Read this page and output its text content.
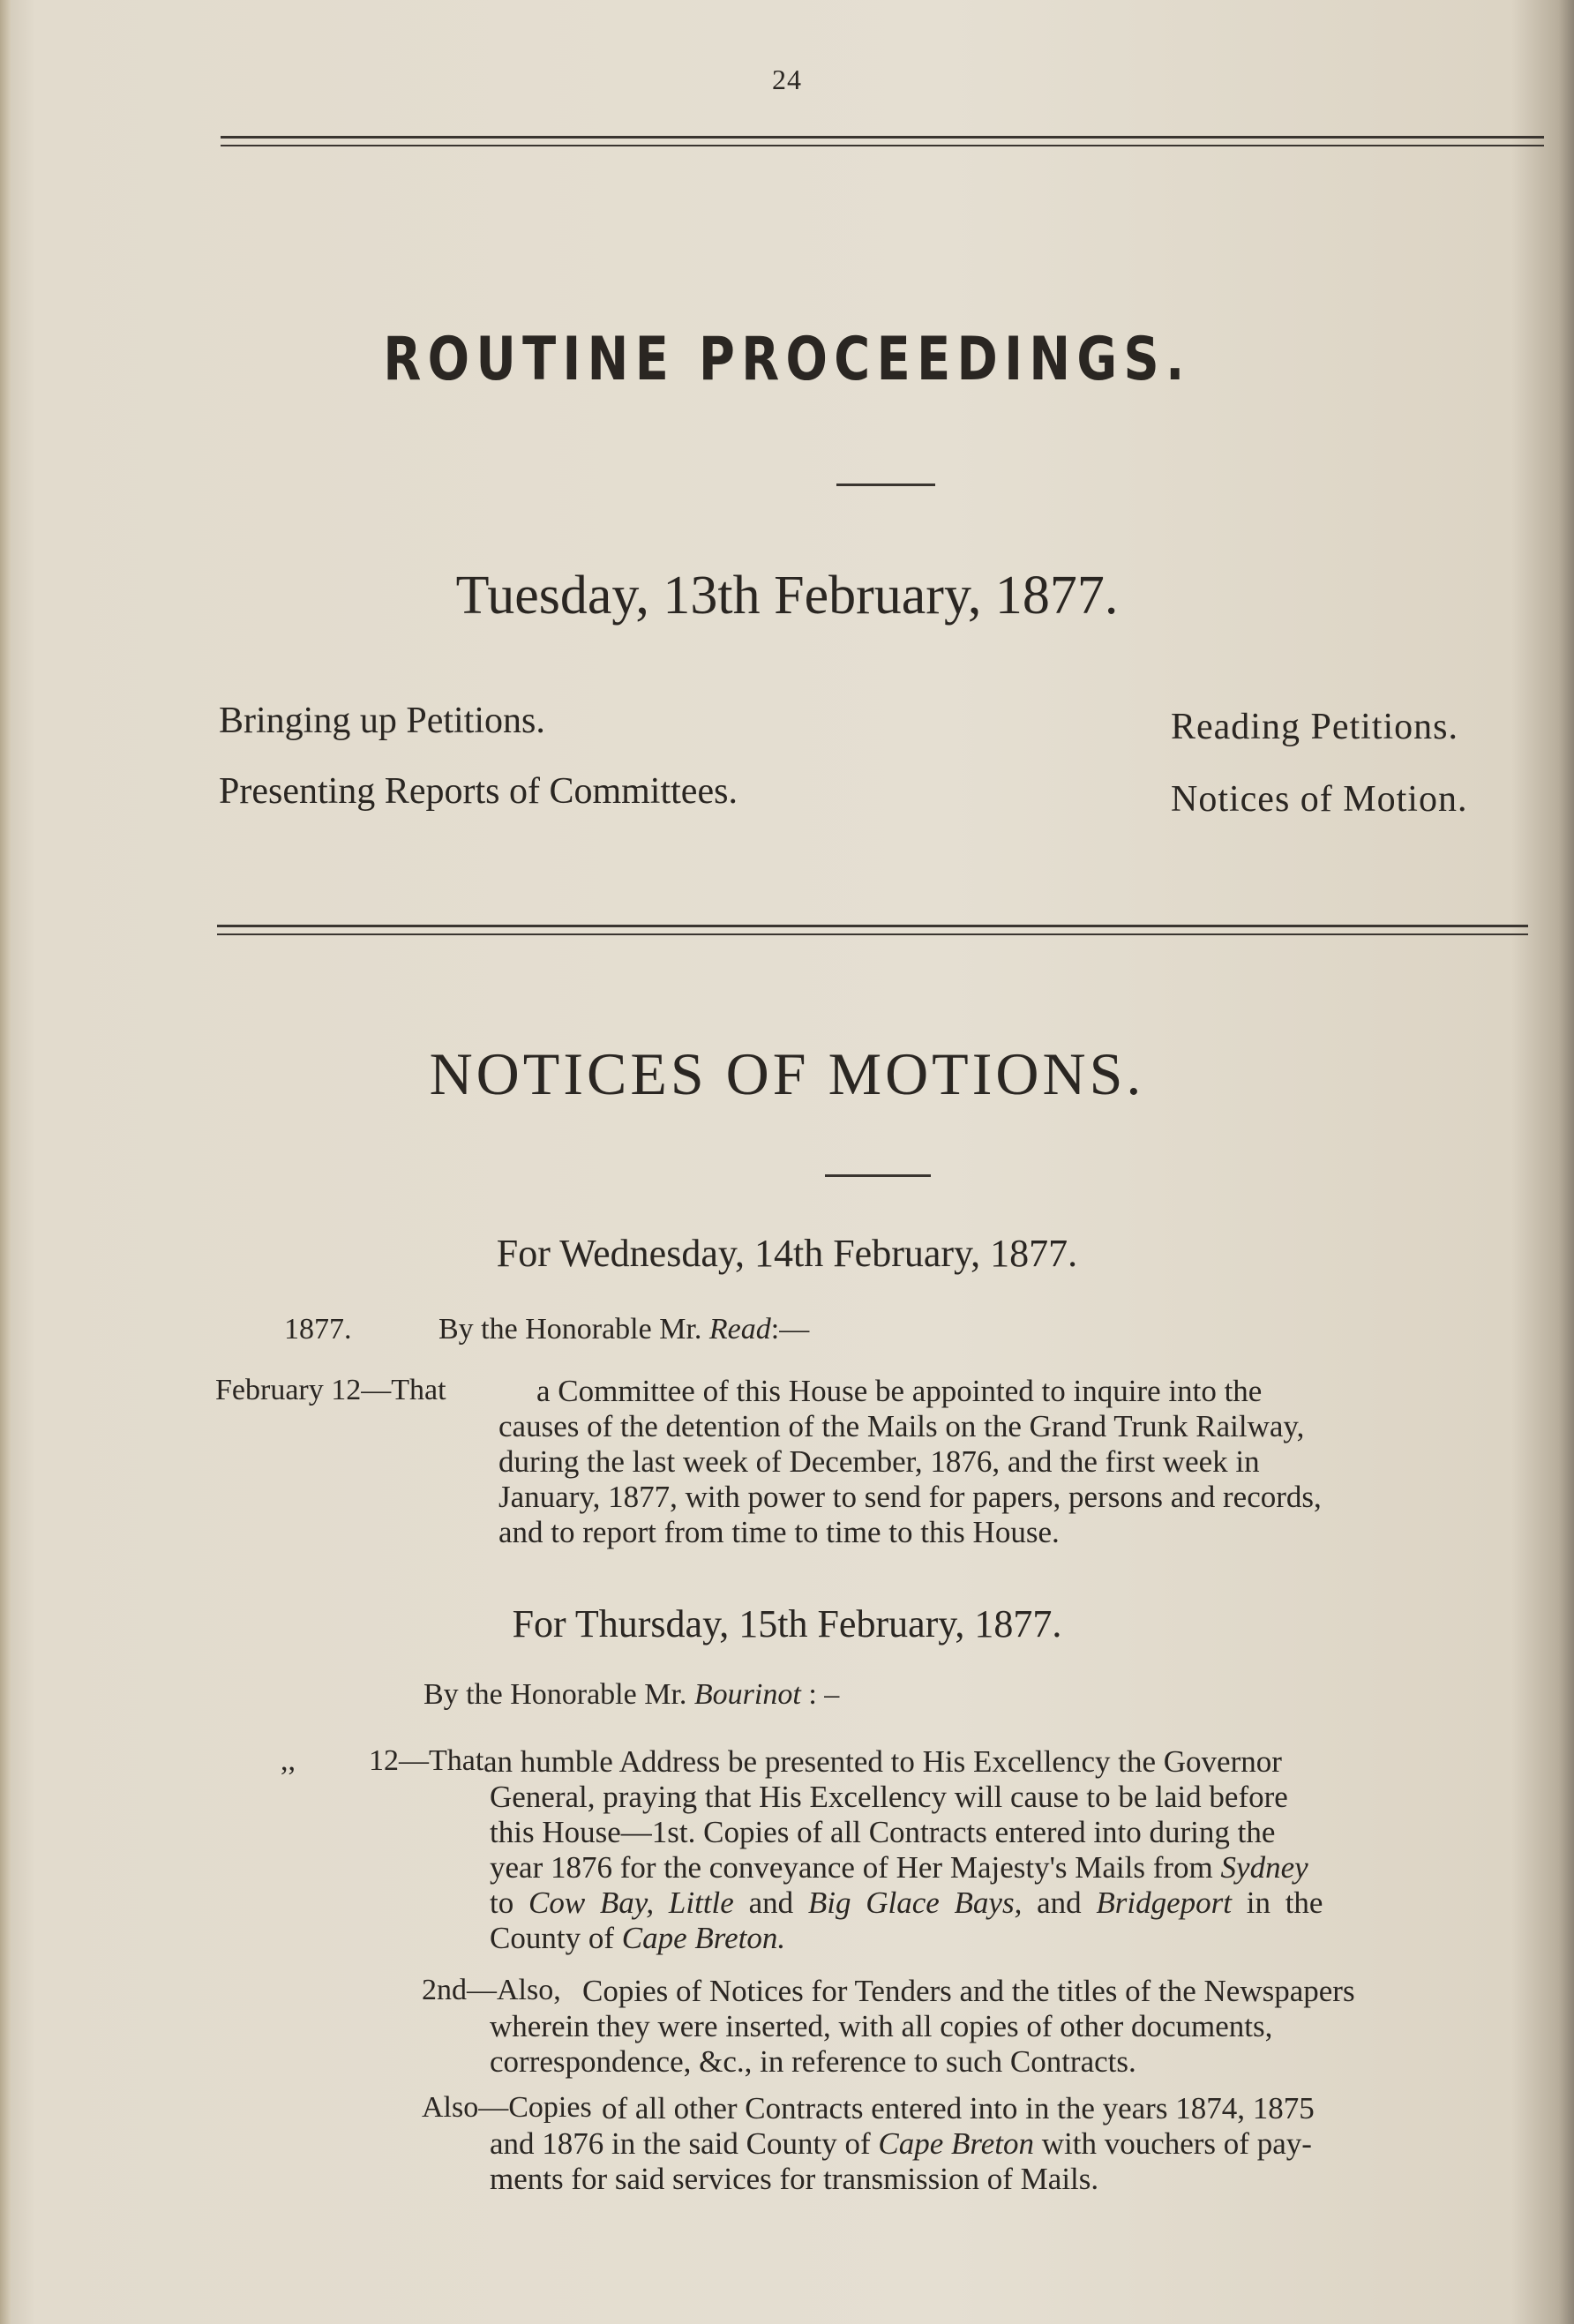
24
ROUTINE PROCEEDINGS.
Tuesday, 13th February, 1877.
Bringing up Petitions.
Presenting Reports of Committees.
Reading Petitions.
Notices of Motion.
NOTICES OF MOTIONS.
For Wednesday, 14th February, 1877.
1877.	By the Honorable Mr. Read:—
February 12—That	a Committee of this House be appointed to inquire into the
causes of the detention of the Mails on the Grand Trunk Railway,
during the last week of December, 1876, and the first week in
January, 1877, with power to send for papers, persons and records,
and to report from time to time to this House.
For Thursday, 15th February, 1877.
By the Honorable Mr. Bourinot : –
,, 12—That an humble Address be presented to His Excellency the Governor
General, praying that His Excellency will cause to be laid before
this House—1st. Copies of all Contracts entered into during the
year 1876 for the conveyance of Her Majesty's Mails from Sydney
to Cow Bay, Little and Big Glace Bays, and Bridgeport in the
County of Cape Breton.
2nd—Also, Copies of Notices for Tenders and the titles of the Newspapers
wherein they were inserted, with all copies of other documents,
correspondence, &c., in reference to such Contracts.
Also—Copies of all other Contracts entered into in the years 1874, 1875
and 1876 in the said County of Cape Breton with vouchers of pay-
ments for said services for transmission of Mails.
